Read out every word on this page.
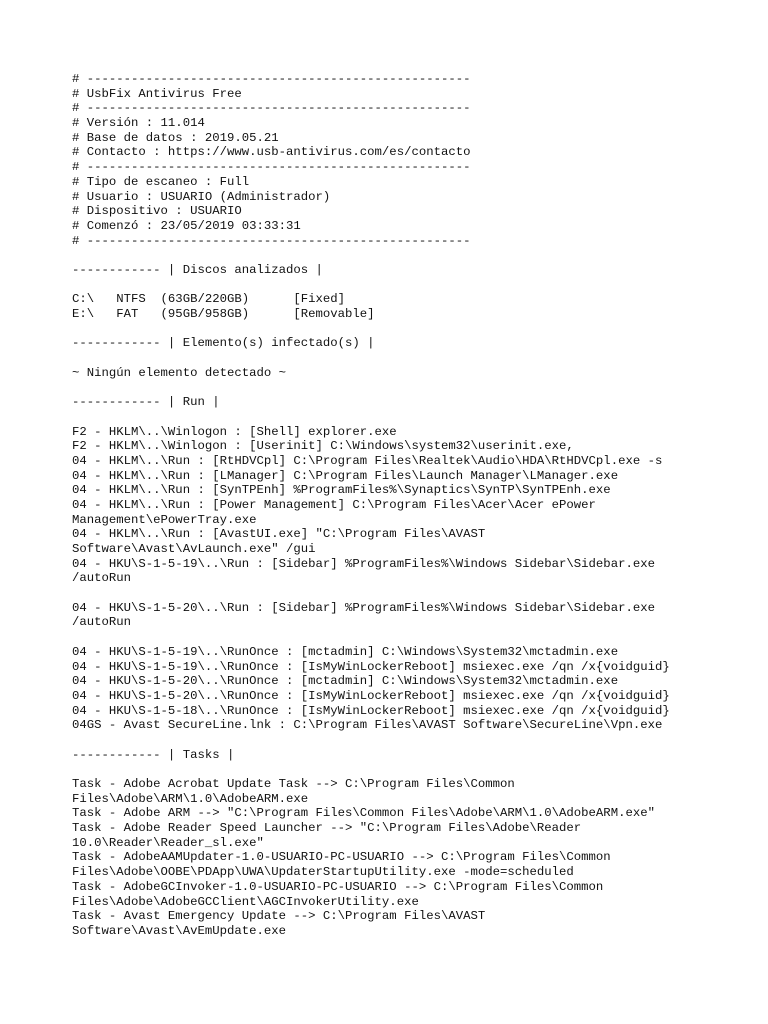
# ----------------------------------------------------
# UsbFix Antivirus Free
# ----------------------------------------------------
# Versión : 11.014
# Base de datos : 2019.05.21
# Contacto : https://www.usb-antivirus.com/es/contacto
# ----------------------------------------------------
# Tipo de escaneo : Full
# Usuario : USUARIO (Administrador)
# Dispositivo : USUARIO
# Comenzó : 23/05/2019 03:33:31
# ----------------------------------------------------
------------ | Discos analizados |
C:\   NTFS  (63GB/220GB)      [Fixed]
E:\   FAT   (95GB/958GB)      [Removable]
------------ | Elemento(s) infectado(s) |
~ Ningún elemento detectado ~
------------ | Run |
F2 - HKLM\..\Winlogon : [Shell] explorer.exe
F2 - HKLM\..\Winlogon : [Userinit] C:\Windows\system32\userinit.exe,
04 - HKLM\..\Run : [RtHDVCpl] C:\Program Files\Realtek\Audio\HDA\RtHDVCpl.exe -s
04 - HKLM\..\Run : [LManager] C:\Program Files\Launch Manager\LManager.exe
04 - HKLM\..\Run : [SynTPEnh] %ProgramFiles%\Synaptics\SynTP\SynTPEnh.exe
04 - HKLM\..\Run : [Power Management] C:\Program Files\Acer\Acer ePower
Management\ePowerTray.exe
04 - HKLM\..\Run : [AvastUI.exe] "C:\Program Files\AVAST
Software\Avast\AvLaunch.exe" /gui
04 - HKU\S-1-5-19\..\Run : [Sidebar] %ProgramFiles%\Windows Sidebar\Sidebar.exe
/autoRun
04 - HKU\S-1-5-20\..\Run : [Sidebar] %ProgramFiles%\Windows Sidebar\Sidebar.exe
/autoRun
04 - HKU\S-1-5-19\..\RunOnce : [mctadmin] C:\Windows\System32\mctadmin.exe
04 - HKU\S-1-5-19\..\RunOnce : [IsMyWinLockerReboot] msiexec.exe /qn /x{voidguid}
04 - HKU\S-1-5-20\..\RunOnce : [mctadmin] C:\Windows\System32\mctadmin.exe
04 - HKU\S-1-5-20\..\RunOnce : [IsMyWinLockerReboot] msiexec.exe /qn /x{voidguid}
04 - HKU\S-1-5-18\..\RunOnce : [IsMyWinLockerReboot] msiexec.exe /qn /x{voidguid}
04GS - Avast SecureLine.lnk : C:\Program Files\AVAST Software\SecureLine\Vpn.exe
------------ | Tasks |
Task - Adobe Acrobat Update Task --> C:\Program Files\Common
Files\Adobe\ARM\1.0\AdobeARM.exe
Task - Adobe ARM --> "C:\Program Files\Common Files\Adobe\ARM\1.0\AdobeARM.exe"
Task - Adobe Reader Speed Launcher --> "C:\Program Files\Adobe\Reader
10.0\Reader\Reader_sl.exe"
Task - AdobeAAMUpdater-1.0-USUARIO-PC-USUARIO --> C:\Program Files\Common
Files\Adobe\OOBE\PDApp\UWA\UpdaterStartupUtility.exe -mode=scheduled
Task - AdobeGCInvoker-1.0-USUARIO-PC-USUARIO --> C:\Program Files\Common
Files\Adobe\AdobeGCClient\AGCInvokerUtility.exe
Task - Avast Emergency Update --> C:\Program Files\AVAST
Software\Avast\AvEmUpdate.exe
